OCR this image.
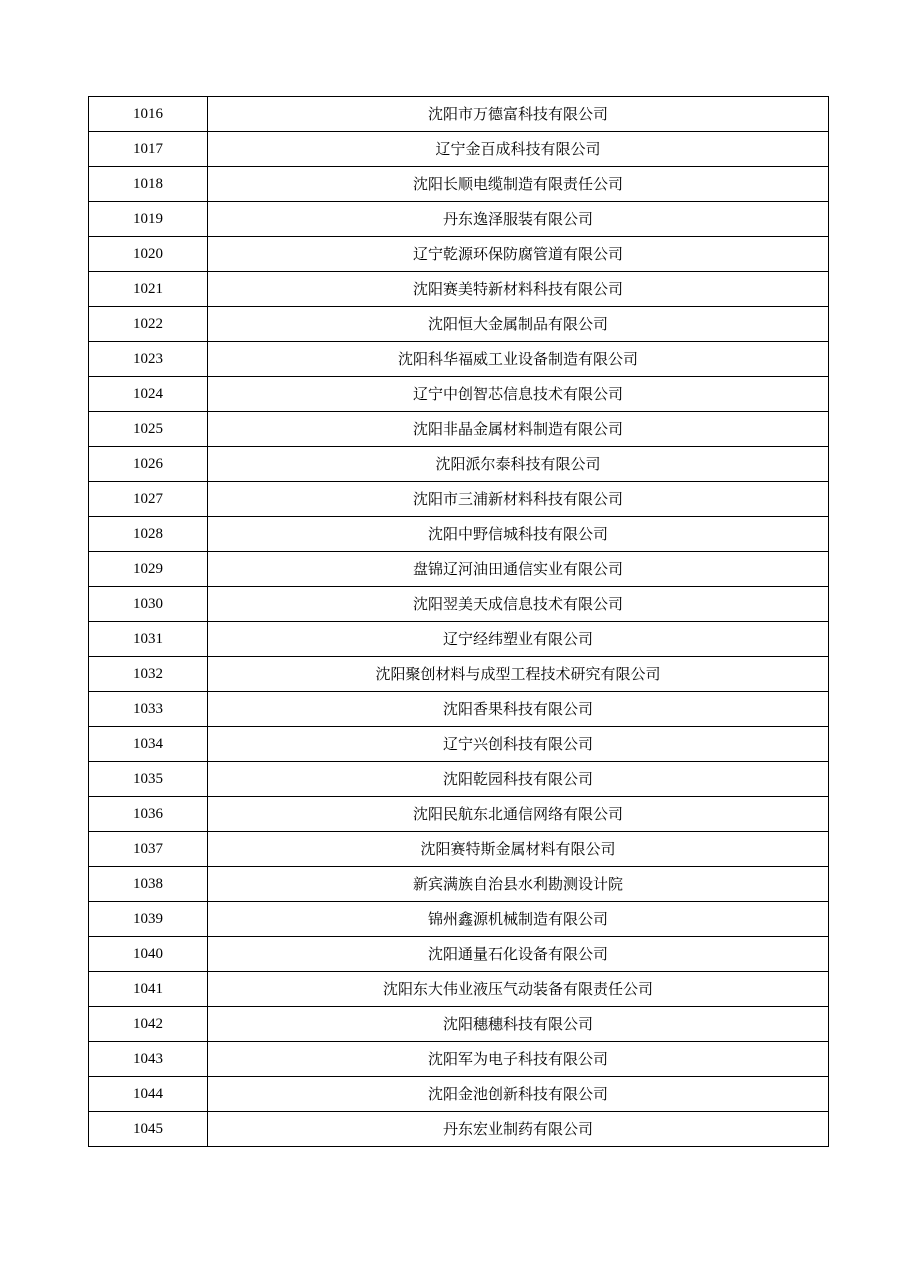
1016	沈阳市万德富科技有限公司
1017	辽宁金百成科技有限公司
1018	沈阳长顺电缆制造有限责任公司
1019	丹东逸泽服装有限公司
1020	辽宁乾源环保防腐管道有限公司
1021	沈阳赛美特新材料科技有限公司
1022	沈阳恒大金属制品有限公司
1023	沈阳科华福威工业设备制造有限公司
1024	辽宁中创智芯信息技术有限公司
1025	沈阳非晶金属材料制造有限公司
1026	沈阳派尔泰科技有限公司
1027	沈阳市三浦新材料科技有限公司
1028	沈阳中野信城科技有限公司
1029	盘锦辽河油田通信实业有限公司
1030	沈阳翌美天成信息技术有限公司
1031	辽宁经纬塑业有限公司
1032	沈阳聚创材料与成型工程技术研究有限公司
1033	沈阳香果科技有限公司
1034	辽宁兴创科技有限公司
1035	沈阳乾园科技有限公司
1036	沈阳民航东北通信网络有限公司
1037	沈阳赛特斯金属材料有限公司
1038	新宾满族自治县水利勘测设计院
1039	锦州鑫源机械制造有限公司
1040	沈阳通量石化设备有限公司
1041	沈阳东大伟业液压气动装备有限责任公司
1042	沈阳穗穗科技有限公司
1043	沈阳军为电子科技有限公司
1044	沈阳金池创新科技有限公司
1045	丹东宏业制药有限公司
